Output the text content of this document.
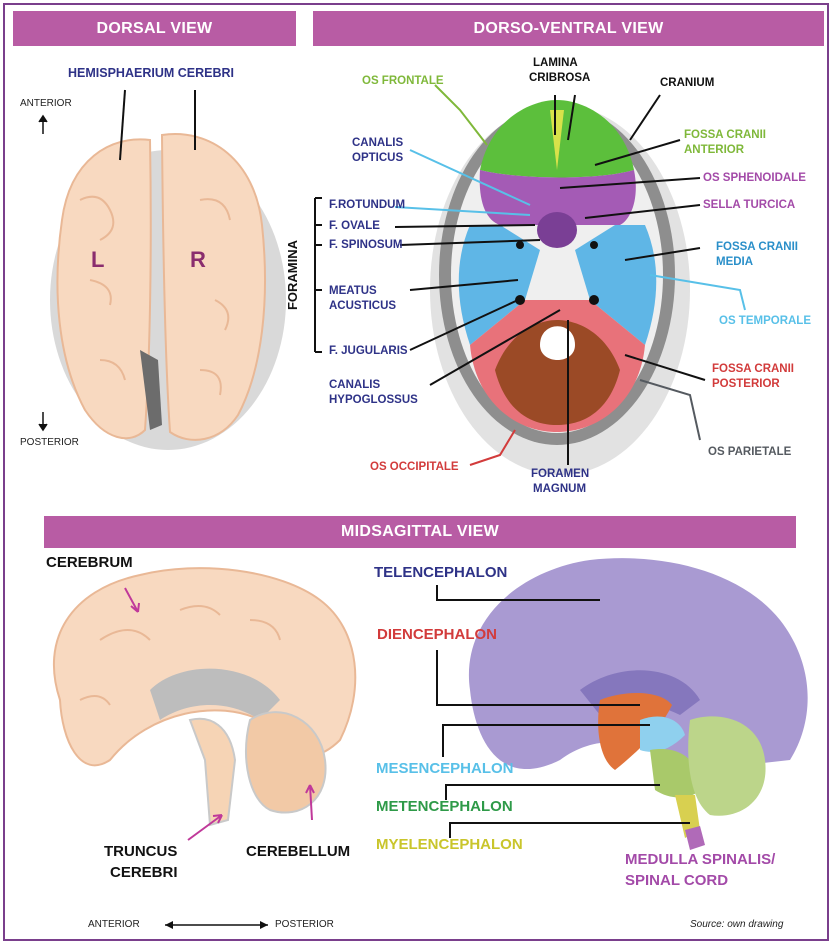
DORSAL VIEW	DORSO-VENTRAL VIEW
MIDSAGITTAL VIEW
HEMISPHAERIUM CEREBRI
ANTERIOR
POSTERIOR
L	R
OS FRONTALE
LAMINA
CRIBROSA	CRANIUM
CANALIS
OPTICUS
FOSSA CRANII
ANTERIOR
OS SPHENOIDALE
SELLA TURCICA
FORAMINA
F.ROTUNDUM
F. OVALE
F. SPINOSUM
MEATUS
ACUSTICUS
F. JUGULARIS
FOSSA CRANII
MEDIA
OS TEMPORALE
CANALIS
HYPOGLOSSUS
FOSSA CRANII
POSTERIOR
OS OCCIPITALE
FORAMEN
MAGNUM
OS PARIETALE
CEREBRUM
TRUNCUS
CEREBRI
CEREBELLUM
TELENCEPHALON
DIENCEPHALON
MESENCEPHALON
METENCEPHALON
MYELENCEPHALON
MEDULLA SPINALIS/
SPINAL CORD
ANTERIOR	POSTERIOR	Source: own drawing
